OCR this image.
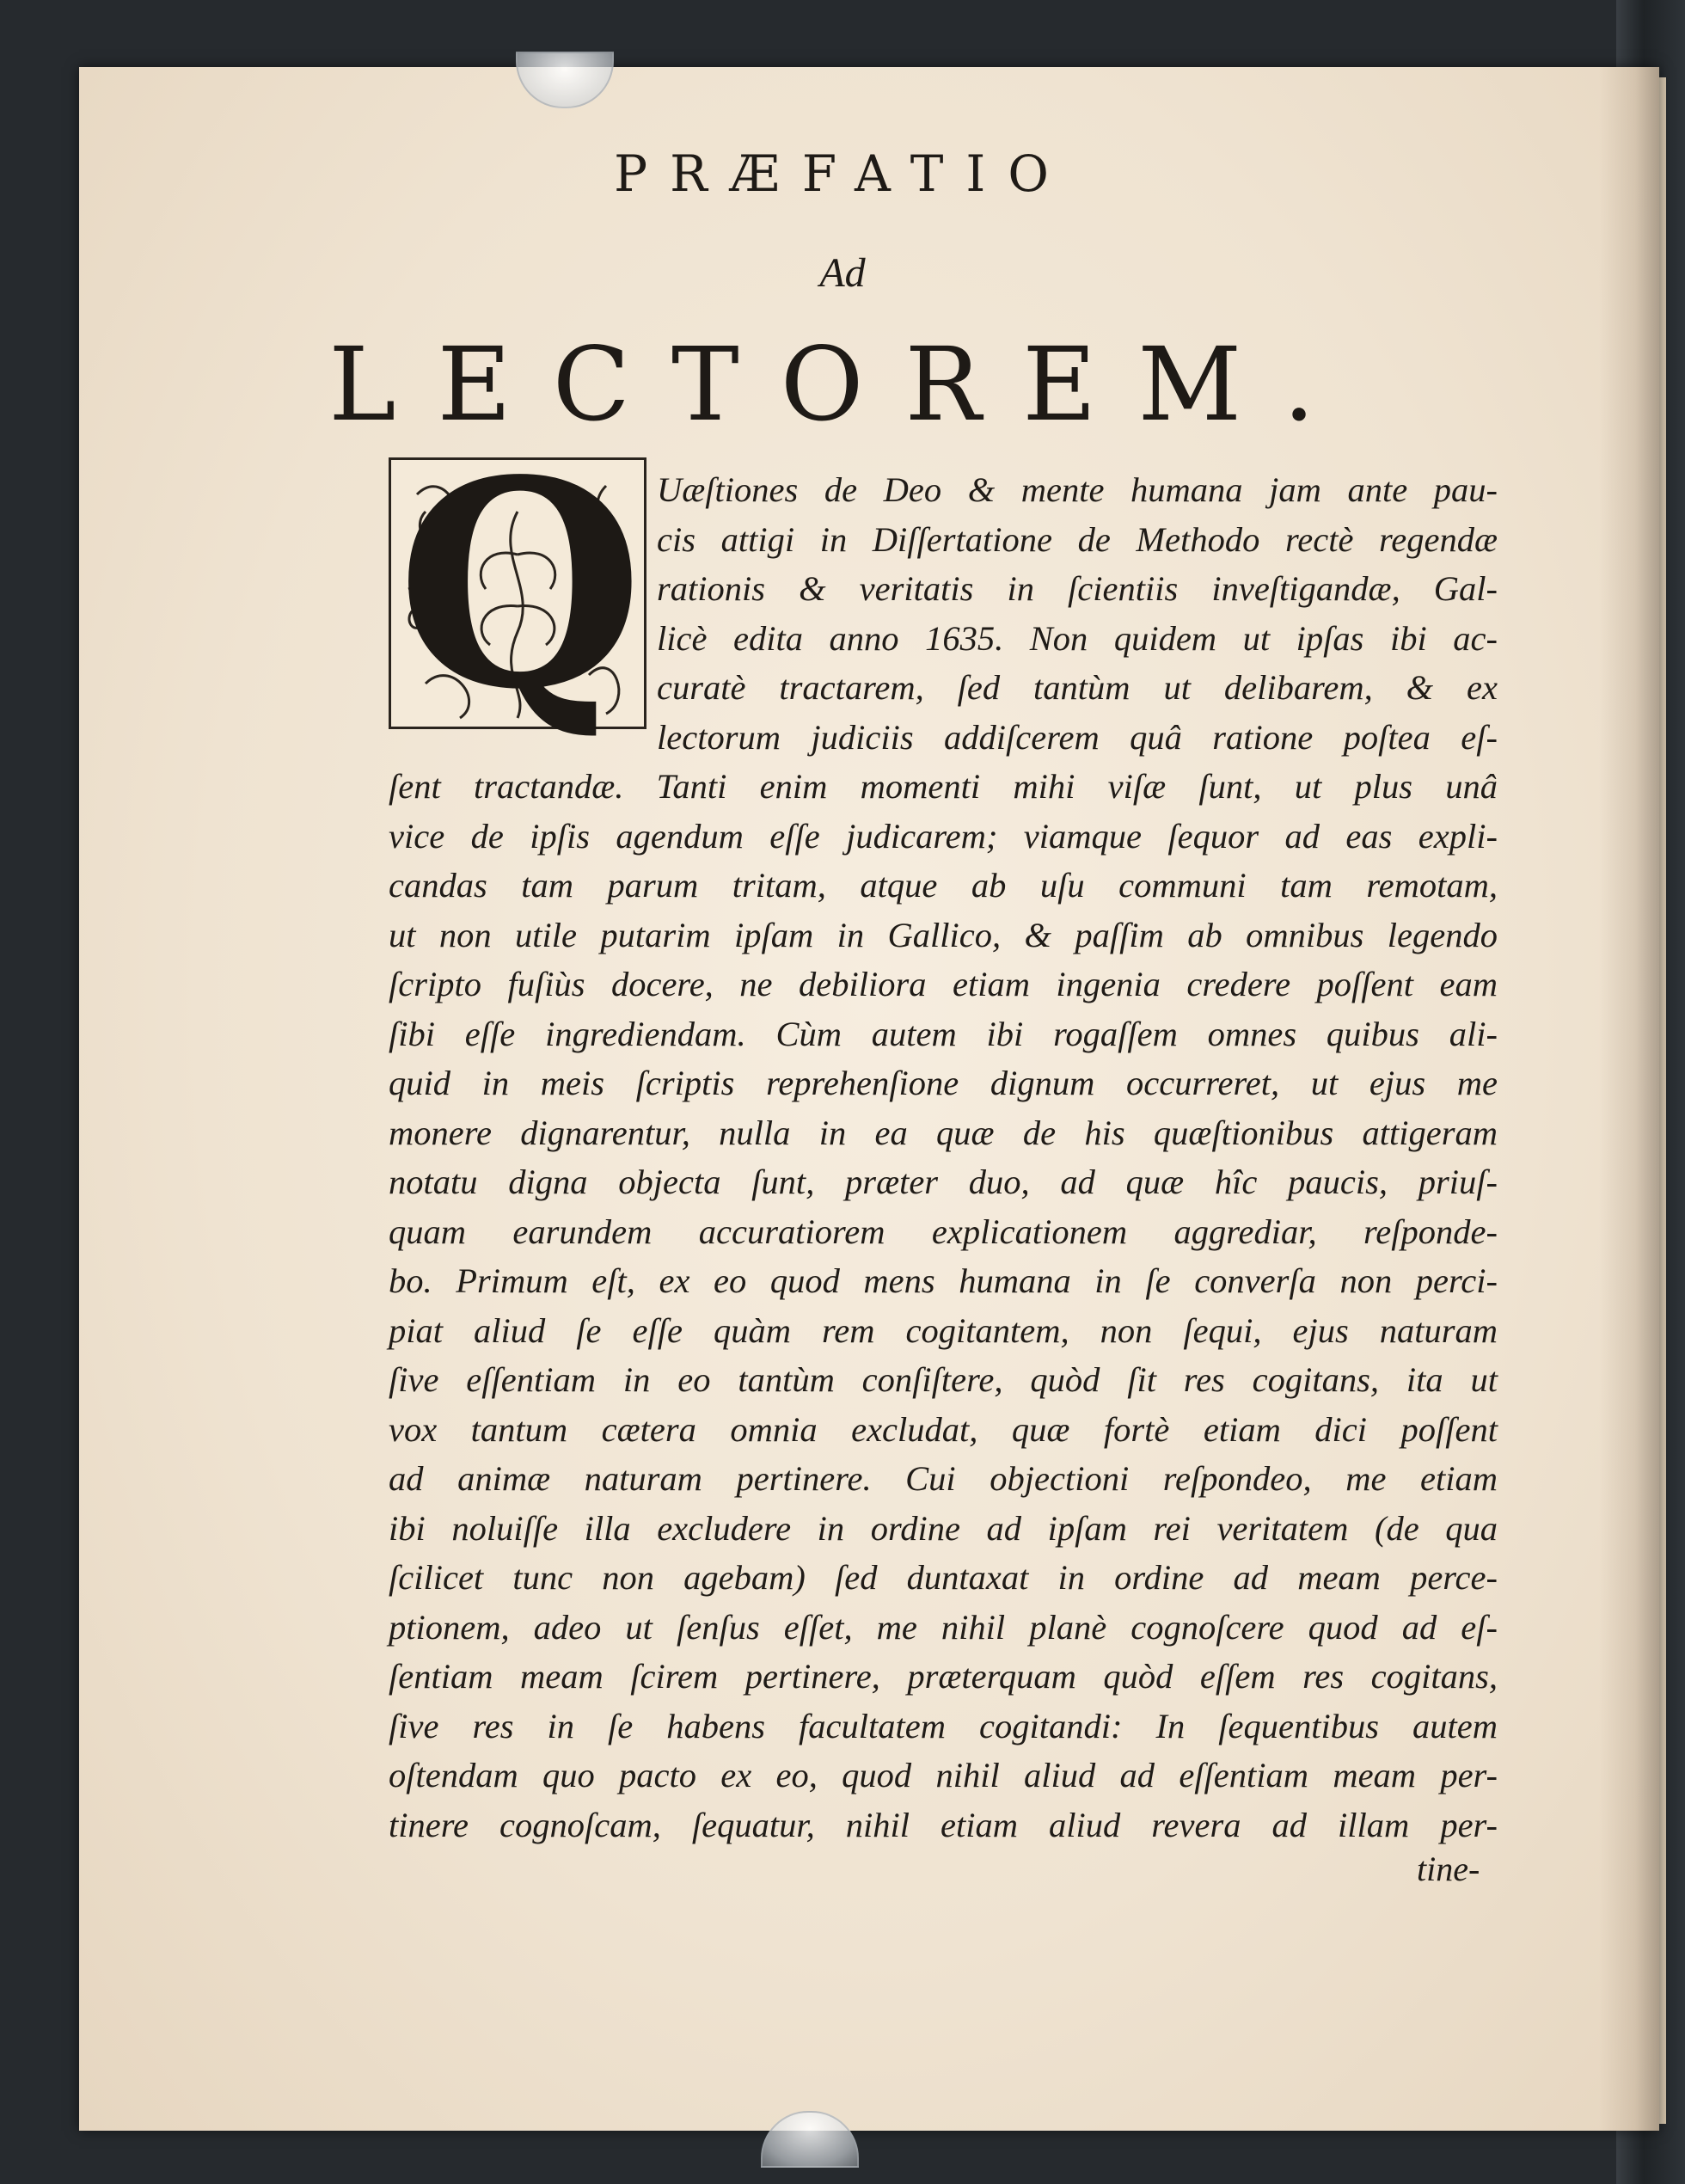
PRÆFATIO
Ad
LECTOREM.
Q Uæſtiones de Deo & mente humana jam ante pau-
cis attigi in Diſſertatione de Methodo rectè regendæ
rationis & veritatis in ſcientiis inveſtigandæ, Gal-
licè edita anno 1635. Non quidem ut ipſas ibi ac-
curatè tractarem, ſed tantùm ut delibarem, & ex
lectorum judiciis addiſcerem quâ ratione poſtea eſ-
ſent tractandæ. Tanti enim momenti mihi viſæ ſunt, ut plus unâ
vice de ipſis agendum eſſe judicarem; viamque ſequor ad eas expli-
candas tam parum tritam, atque ab uſu communi tam remotam,
ut non utile putarim ipſam in Gallico, & paſſim ab omnibus legendo
ſcripto fuſiùs docere, ne debiliora etiam ingenia credere poſſent eam
ſibi eſſe ingrediendam. Cùm autem ibi rogaſſem omnes quibus ali-
quid in meis ſcriptis reprehenſione dignum occurreret, ut ejus me
monere dignarentur, nulla in ea quæ de his quæſtionibus attigeram
notatu digna objecta ſunt, præter duo, ad quæ hîc paucis, priuſ-
quam earundem accuratiorem explicationem aggrediar, reſponde-
bo. Primum eſt, ex eo quod mens humana in ſe converſa non perci-
piat aliud ſe eſſe quàm rem cogitantem, non ſequi, ejus naturam
ſive eſſentiam in eo tantùm conſiſtere, quòd ſit res cogitans, ita ut
vox tantum cætera omnia excludat, quæ fortè etiam dici poſſent
ad animæ naturam pertinere. Cui objectioni reſpondeo, me etiam
ibi noluiſſe illa excludere in ordine ad ipſam rei veritatem (de qua
ſcilicet tunc non agebam) ſed duntaxat in ordine ad meam perce-
ptionem, adeo ut ſenſus eſſet, me nihil planè cognoſcere quod ad eſ-
ſentiam meam ſcirem pertinere, præterquam quòd eſſem res cogitans,
ſive res in ſe habens facultatem cogitandi: In ſequentibus autem
oſtendam quo pacto ex eo, quod nihil aliud ad eſſentiam meam per-
tinere cognoſcam, ſequatur, nihil etiam aliud revera ad illam per-
tine-
